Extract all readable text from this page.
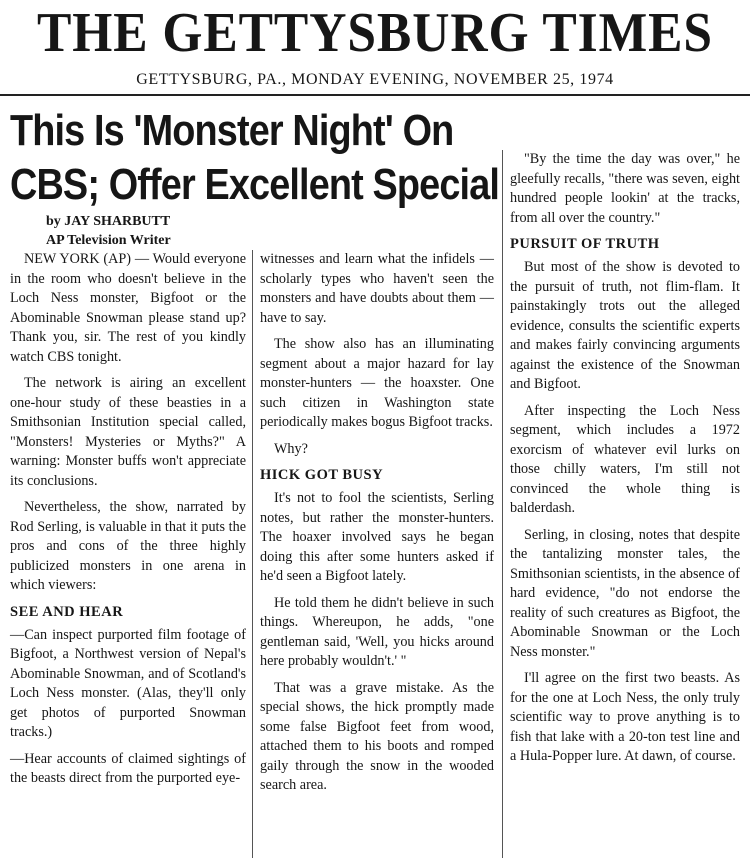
THE GETTYSBURG TIMES
GETTYSBURG, PA., MONDAY EVENING, NOVEMBER 25, 1974
This Is 'Monster Night' On
CBS; Offer Excellent Special
by JAY SHARBUTT
AP Television Writer

NEW YORK (AP) — Would everyone in the room who doesn't believe in the Loch Ness monster, Bigfoot or the Abominable Snowman please stand up? Thank you, sir. The rest of you kindly watch CBS tonight.

The network is airing an excellent one-hour study of these beasties in a Smithsonian Institution special called, "Monsters! Mysteries or Myths?" A warning: Monster buffs won't appreciate its conclusions.

Nevertheless, the show, narrated by Rod Serling, is valuable in that it puts the pros and cons of the three highly publicized monsters in one arena in which viewers:

SEE AND HEAR

—Can inspect purported film footage of Bigfoot, a Northwest version of Nepal's Abominable Snowman, and of Scotland's Loch Ness monster. (Alas, they'll only get photos of purported Snowman tracks.)

—Hear accounts of claimed sightings of the beasts direct from the purported eye-

witnesses and learn what the infidels — scholarly types who haven't seen the monsters and have doubts about them — have to say.

The show also has an illuminating segment about a major hazard for lay monster-hunters — the hoaxster. One such citizen in Washington state periodically makes bogus Bigfoot tracks.

Why?

HICK GOT BUSY

It's not to fool the scientists, Serling notes, but rather the monster-hunters. The hoaxer involved says he began doing this after some hunters asked if he'd seen a Bigfoot lately.

He told them he didn't believe in such things. Whereupon, he adds, "one gentleman said, 'Well, you hicks around here probably wouldn't.' "

That was a grave mistake. As the special shows, the hick promptly made some false Bigfoot feet from wood, attached them to his boots and romped gaily through the snow in the wooded search area.

"By the time the day was over," he gleefully recalls, "there was seven, eight hundred people lookin' at the tracks, from all over the country."

PURSUIT OF TRUTH

But most of the show is devoted to the pursuit of truth, not flim-flam. It painstakingly trots out the alleged evidence, consults the scientific experts and makes fairly convincing arguments against the existence of the Snowman and Bigfoot.

After inspecting the Loch Ness segment, which includes a 1972 exorcism of whatever evil lurks on those chilly waters, I'm still not convinced the whole thing is balderdash.

Serling, in closing, notes that despite the tantalizing monster tales, the Smithsonian scientists, in the absence of hard evidence, "do not endorse the reality of such creatures as Bigfoot, the Abominable Snowman or the Loch Ness monster."

I'll agree on the first two beasts. As for the one at Loch Ness, the only truly scientific way to prove anything is to fish that lake with a 20-ton test line and a Hula-Popper lure. At dawn, of course.
